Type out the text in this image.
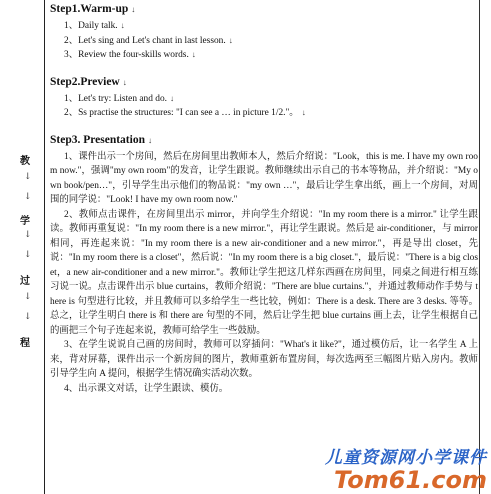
教
↓
↓
学
↓
↓
过
↓
↓
程
Step1.Warm-up ↓
1、Daily talk. ↓
2、Let's sing and Let's chant in last lesson. ↓
3、Review the four-skills words. ↓
Step2.Preview ↓
1、Let's try: Listen and do. ↓
2、Ss practise the structures: "I can see a … in picture 1/2."。 ↓
Step3. Presentation ↓
1、课件出示一个房间，然后在房间里出教师本人，然后介绍说："Look，this is me. I have my own room now."，强调"my own room"的发音，让学生跟说。教师继续出示自己的书本等物品，并介绍说："My own book/pen…"，引导学生出示他们的物品说："my own …"，最后让学生拿出纸，画上一个房间，对周围的同学说："Look! I have my own room now."
2、教师点击课件，在房间里出示 mirror，并向学生介绍说："In my room there is a mirror." 让学生跟读。教师再重复说："In my room there is a new mirror."，再让学生跟说。然后是 air-conditioner，与 mirror 相同，再连起来说："In my room there is a new air-conditioner and a new mirror."，再是导出 closet，先说："In my room there is a closet"，然后说："In my room there is a big closet."，最后说："There is a big closet，a new air-conditioner and a new mirror."。教师让学生把这几样东西画在房间里，同桌之间进行相互练习说一说。点击课件出示 blue curtains，教师介绍说："There are blue curtains."，并通过教师动作手势与 there is 句型进行比较，并且教师可以多给学生一些比较，例如：There is a desk. There are 3 desks. 等等。总之，让学生明白 there is 和 there are 句型的不同，然后让学生把 blue curtains 画上去，让学生根据自己的画把三个句子连起来说，教师可给学生一些鼓励。
3、在学生说说自己画的房间时，教师可以穿插问："What's it like?"，通过模仿后，让一名学生 A 上来，背对屏幕，课件出示一个新房间的图片，教师重新布置房间，每次选两至三幅图片贴入房内。教师引导学生向 A 提问，根据学生情况确实活动次数。
4、出示课文对话，让学生跟读、模仿。
儿童资源网小学课件
Tom61.com
